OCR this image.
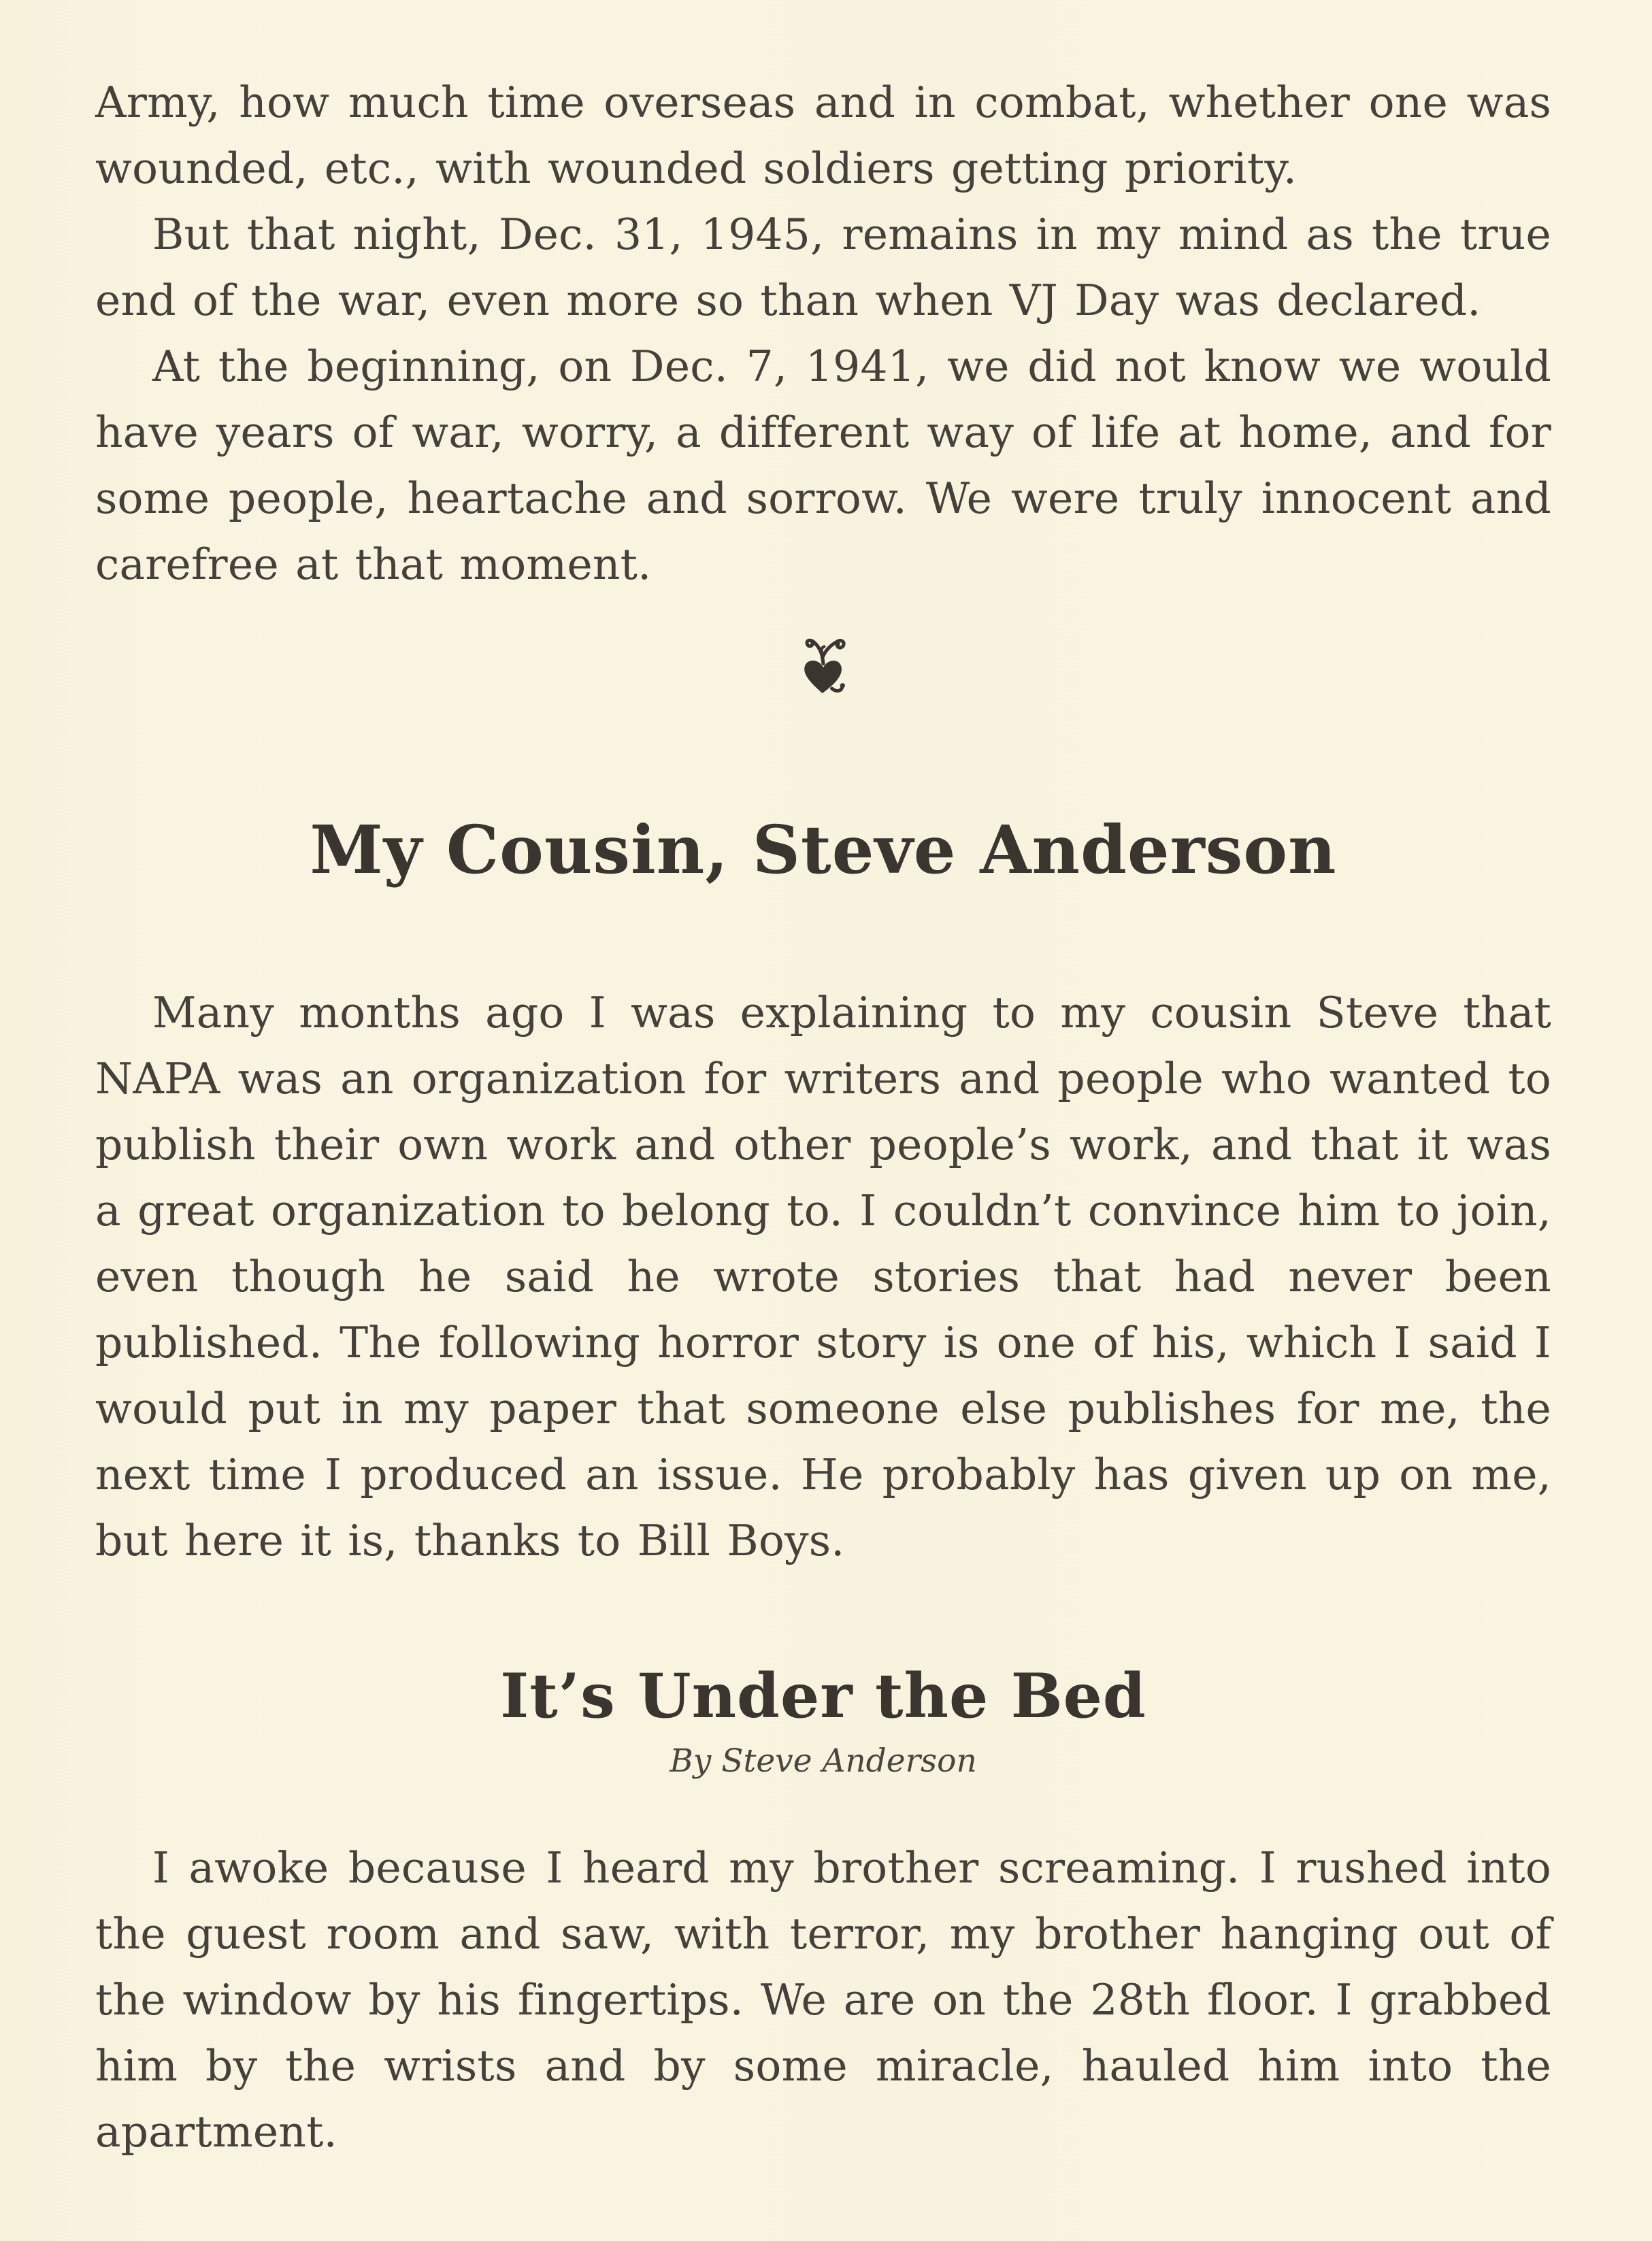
Army, how much time overseas and in combat, whether one was wounded, etc., with wounded soldiers getting priority.

But that night, Dec. 31, 1945, remains in my mind as the true end of the war, even more so than when VJ Day was declared.

At the beginning, on Dec. 7, 1941, we did not know we would have years of war, worry, a different way of life at home, and for some people, heartache and sorrow. We were truly innocent and carefree at that moment.

My Cousin, Steve Anderson

Many months ago I was explaining to my cousin Steve that NAPA was an organization for writers and people who wanted to publish their own work and other people’s work, and that it was a great organization to belong to. I couldn’t convince him to join, even though he said he wrote stories that had never been published. The following horror story is one of his, which I said I would put in my paper that someone else publishes for me, the next time I produced an issue. He probably has given up on me, but here it is, thanks to Bill Boys.

It’s Under the Bed

By Steve Anderson

I awoke because I heard my brother screaming. I rushed into the guest room and saw, with terror, my brother hanging out of the window by his fingertips. We are on the 28th floor. I grabbed him by the wrists and by some miracle, hauled him into the apartment.
